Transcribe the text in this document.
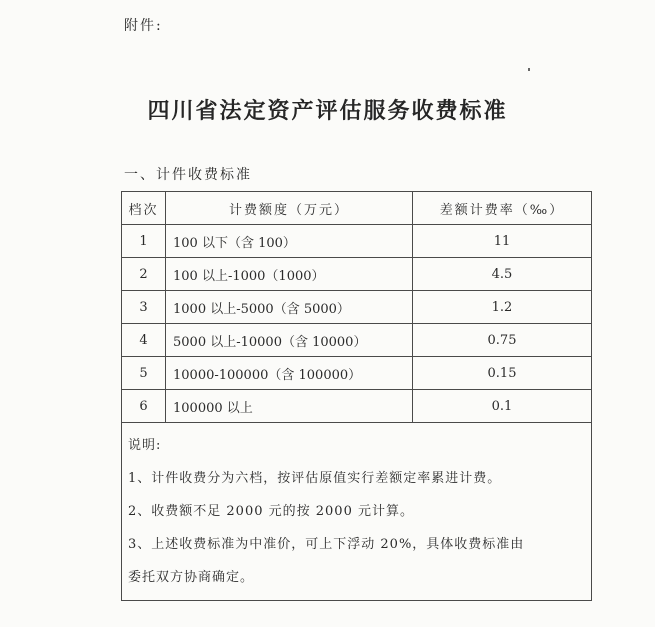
附件:
四川省法定资产评估服务收费标准
一、计件收费标准
档次	计费额度（万元）	差额计费率（‰）
1	100 以下（含 100）	11
2	100 以上-1000（1000）	4.5
3	1000 以上-5000（含 5000）	1.2
4	5000 以上-10000（含 10000）	0.75
5	10000-100000（含 100000）	0.15
6	100000 以上	0.1

说明:
1、计件收费分为六档，按评估原值实行差额定率累进计费。
2、收费额不足 2000 元的按 2000 元计算。
3、上述收费标准为中准价，可上下浮动 20%，具体收费标准由
委托双方协商确定。		
